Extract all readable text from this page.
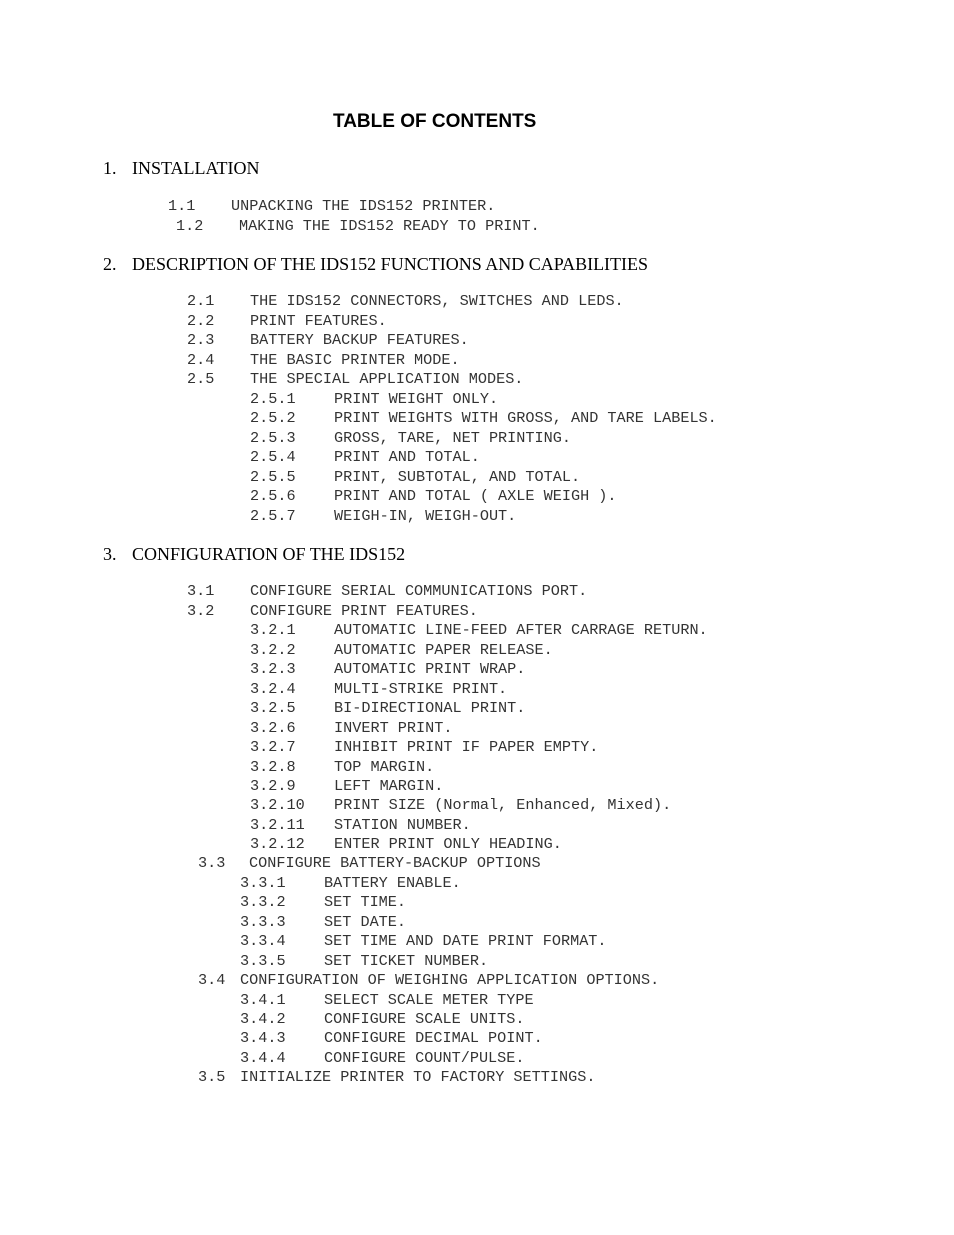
TABLE OF CONTENTS
1. INSTALLATION
1.1 UNPACKING THE IDS152 PRINTER.
1.2 MAKING THE IDS152 READY TO PRINT.
2. DESCRIPTION OF THE IDS152 FUNCTIONS AND CAPABILITIES
2.1 THE IDS152 CONNECTORS, SWITCHES AND LEDS.
2.2 PRINT FEATURES.
2.3 BATTERY BACKUP FEATURES.
2.4 THE BASIC PRINTER MODE.
2.5 THE SPECIAL APPLICATION MODES.
2.5.1	PRINT WEIGHT ONLY.
2.5.2	PRINT WEIGHTS WITH GROSS, AND TARE LABELS.
2.5.3	GROSS, TARE, NET PRINTING.
2.5.4	PRINT AND TOTAL.
2.5.5	PRINT, SUBTOTAL, AND TOTAL.
2.5.6	PRINT AND TOTAL ( AXLE WEIGH ).
2.5.7	WEIGH-IN, WEIGH-OUT.
3. CONFIGURATION OF THE IDS152
3.1 CONFIGURE SERIAL COMMUNICATIONS PORT.
3.2 CONFIGURE PRINT FEATURES.
3.2.1	AUTOMATIC LINE-FEED AFTER CARRAGE RETURN.
3.2.2	AUTOMATIC PAPER RELEASE.
3.2.3	AUTOMATIC PRINT WRAP.
3.2.4	MULTI-STRIKE PRINT.
3.2.5	BI-DIRECTIONAL PRINT.
3.2.6	INVERT PRINT.
3.2.7	INHIBIT PRINT IF PAPER EMPTY.
3.2.8	TOP MARGIN.
3.2.9	LEFT MARGIN.
3.2.10 PRINT SIZE (Normal, Enhanced, Mixed).
3.2.11 STATION NUMBER.
3.2.12 ENTER PRINT ONLY HEADING.
3.3 CONFIGURE BATTERY-BACKUP OPTIONS
3.3.1	BATTERY ENABLE.
3.3.2	SET TIME.
3.3.3	SET DATE.
3.3.4	SET TIME AND DATE PRINT FORMAT.
3.3.5	SET TICKET NUMBER.
3.4 CONFIGURATION OF WEIGHING APPLICATION OPTIONS.
3.4.1	SELECT SCALE METER TYPE
3.4.2	CONFIGURE SCALE UNITS.
3.4.3	CONFIGURE DECIMAL POINT.
3.4.4	CONFIGURE COUNT/PULSE.
3.5 INITIALIZE PRINTER TO FACTORY SETTINGS.
